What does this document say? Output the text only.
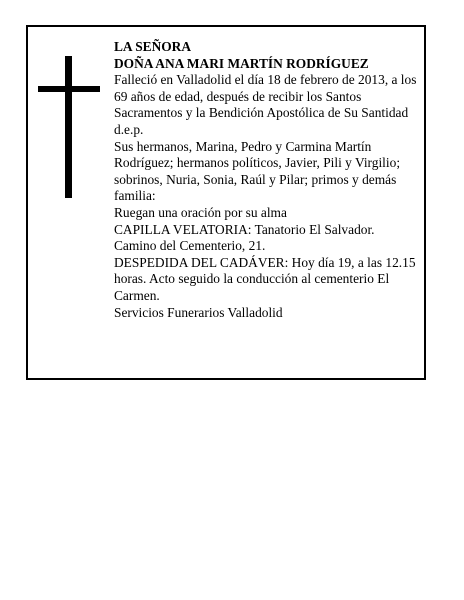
LA SEÑORA
DOÑA ANA MARI MARTÍN RODRÍGUEZ
Falleció en Valladolid el día 18 de febrero de 2013, a los 69 años de edad, después de recibir los Santos Sacramentos y la Bendición Apostólica de Su Santidad d.e.p.
Sus hermanos, Marina, Pedro y Carmina Martín Rodríguez; hermanos políticos, Javier, Pili y Virgilio; sobrinos, Nuria, Sonia, Raúl y Pilar; primos y demás familia:
Ruegan una oración por su alma
CAPILLA VELATORIA: Tanatorio El Salvador. Camino del Cementerio, 21.
DESPEDIDA DEL CADÁVER: Hoy día 19, a las 12.15 horas. Acto seguido la conducción al cementerio El Carmen.
Servicios Funerarios Valladolid
